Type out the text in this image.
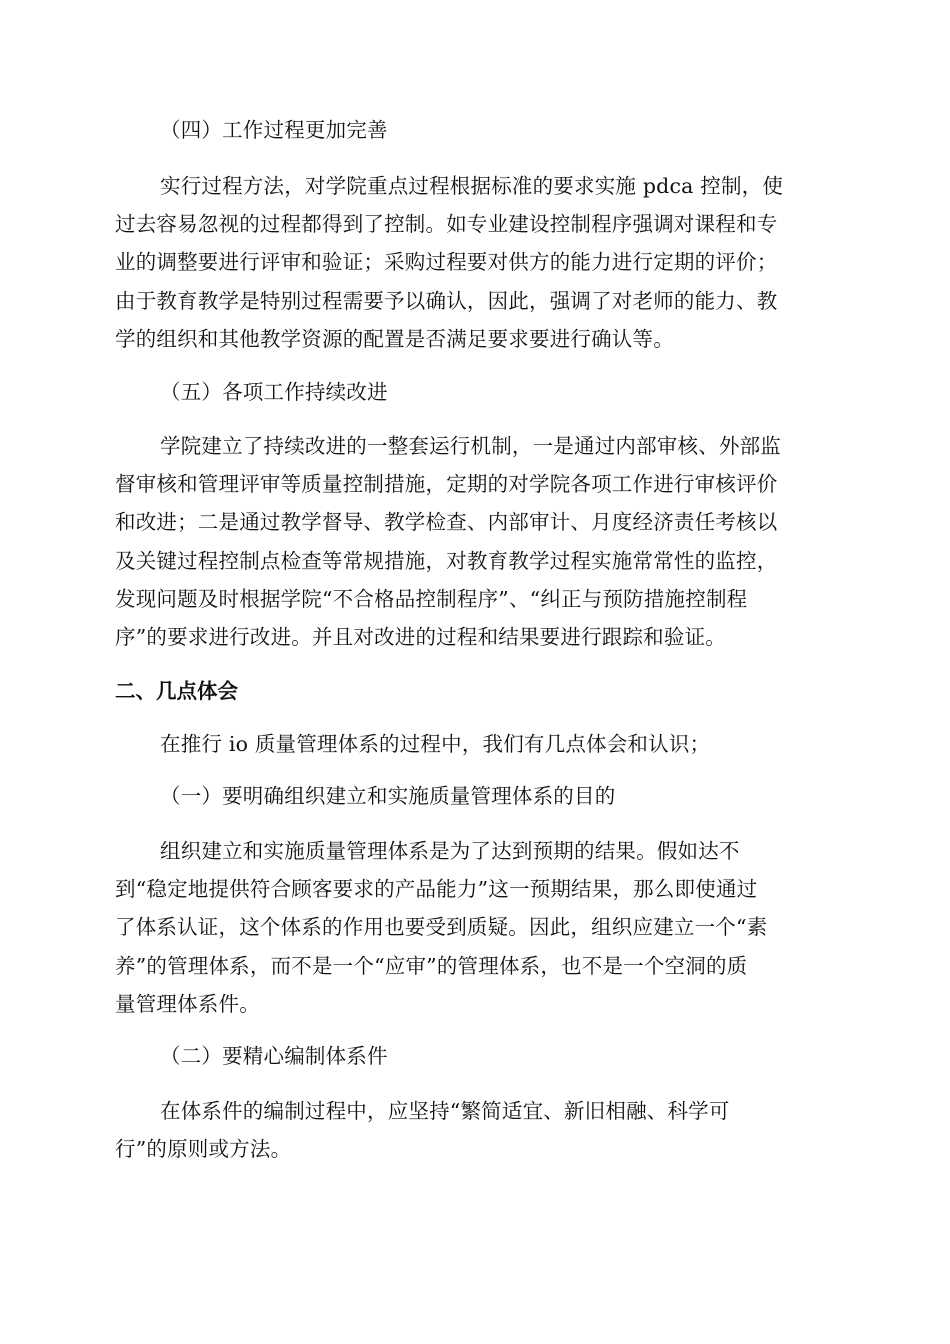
（四）工作过程更加完善

实行过程方法，对学院重点过程根据标准的要求实施 pdca 控制，使

过去容易忽视的过程都得到了控制。如专业建设控制程序强调对课程和专

业的调整要进行评审和验证；采购过程要对供方的能力进行定期的评价；

由于教育教学是特别过程需要予以确认，因此，强调了对老师的能力、教

学的组织和其他教学资源的配置是否满足要求要进行确认等。

（五）各项工作持续改进

学院建立了持续改进的一整套运行机制，一是通过内部审核、外部监

督审核和管理评审等质量控制措施，定期的对学院各项工作进行审核评价

和改进；二是通过教学督导、教学检查、内部审计、月度经济责任考核以

及关键过程控制点检查等常规措施，对教育教学过程实施常常性的监控，

发现问题及时根据学院“不合格品控制程序”、“纠正与预防措施控制程

序”的要求进行改进。并且对改进的过程和结果要进行跟踪和验证。

二、几点体会

在推行 io 质量管理体系的过程中，我们有几点体会和认识；

（一）要明确组织建立和实施质量管理体系的目的

组织建立和实施质量管理体系是为了达到预期的结果。假如达不

到“稳定地提供符合顾客要求的产品能力”这一预期结果，那么即使通过

了体系认证，这个体系的作用也要受到质疑。因此，组织应建立一个“素

养”的管理体系，而不是一个“应审”的管理体系，也不是一个空洞的质

量管理体系件。

（二）要精心编制体系件

在体系件的编制过程中，应坚持“繁简适宜、新旧相融、科学可

行”的原则或方法。
